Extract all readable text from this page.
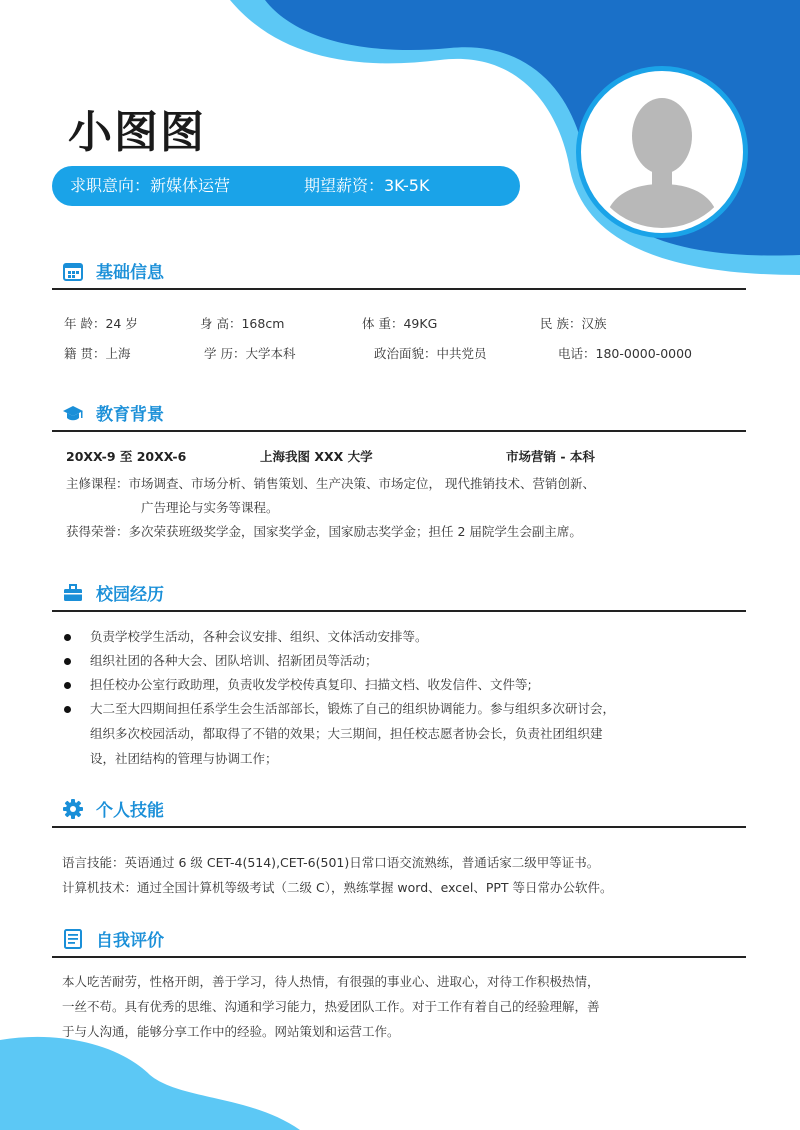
小图图
求职意向：新媒体运营	期望薪资：3K-5K
基础信息
年 龄：24 岁	身 高：168cm	体 重：49KG	民 族：汉族
籍 贯：上海	学 历：大学本科	政治面貌：中共党员	电话：180-0000-0000
教育背景
20XX-9 至 20XX-6	上海我图 XXX 大学	市场营销 - 本科
主修课程：市场调查、市场分析、销售策划、生产决策、市场定位， 现代推销技术、营销创新、
广告理论与实务等课程。
获得荣誉：多次荣获班级奖学金，国家奖学金，国家励志奖学金；担任 2 届院学生会副主席。
校园经历
负责学校学生活动，各种会议安排、组织、文体活动安排等。
组织社团的各种大会、团队培训、招新团员等活动；
担任校办公室行政助理，负责收发学校传真复印、扫描文档、收发信件、文件等;
大二至大四期间担任系学生会生活部部长，锻炼了自己的组织协调能力。参与组织多次研讨会，
组织多次校园活动，都取得了不错的效果；大三期间，担任校志愿者协会长，负责社团组织建
设，社团结构的管理与协调工作；
个人技能
语言技能：英语通过 6 级 CET-4(514),CET-6(501)日常口语交流熟练，普通话家二级甲等证书。
计算机技术：通过全国计算机等级考试（二级 C），熟练掌握 word、excel、PPT 等日常办公软件。
自我评价
本人吃苦耐劳，性格开朗，善于学习，待人热情，有很强的事业心、进取心，对待工作积极热情，
一丝不苟。具有优秀的思维、沟通和学习能力，热爱团队工作。对于工作有着自己的经验理解，善
于与人沟通，能够分享工作中的经验。网站策划和运营工作。
